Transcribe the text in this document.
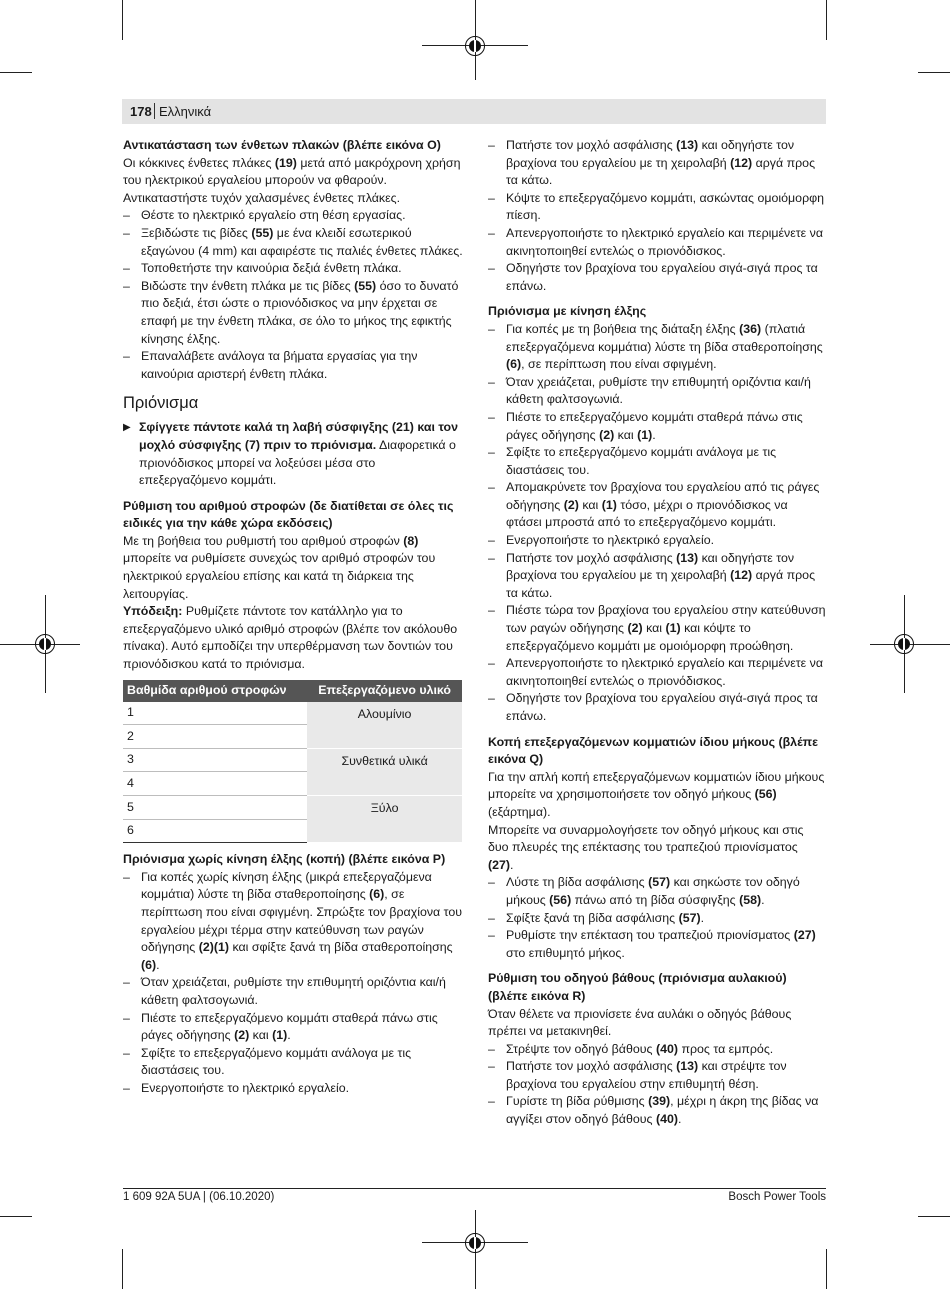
178 Ελληνικά

Αντικατάσταση των ένθετων πλακών (βλέπε εικόνα O)

Οι κόκκινες ένθετες πλάκες (19) μετά από μακρόχρονη χρήση του ηλεκτρικού εργαλείου μπορούν να φθαρούν.

Αντικαταστήστε τυχόν χαλασμένες ένθετες πλάκες.

– Θέστε το ηλεκτρικό εργαλείο στη θέση εργασίας.

– Ξεβιδώστε τις βίδες (55) με ένα κλειδί εσωτερικού εξαγώνου (4 mm) και αφαιρέστε τις παλιές ένθετες πλάκες.

– Τοποθετήστε την καινούρια δεξιά ένθετη πλάκα.

– Βιδώστε την ένθετη πλάκα με τις βίδες (55) όσο το δυνατό πιο δεξιά, έτσι ώστε ο πριονόδισκος να μην έρχεται σε επαφή με την ένθετη πλάκα, σε όλο το μήκος της εφικτής κίνησης έλξης.

– Επαναλάβετε ανάλογα τα βήματα εργασίας για την καινούρια αριστερή ένθετη πλάκα.

Πριόνισμα

▶ Σφίγγετε πάντοτε καλά τη λαβή σύσφιγξης (21) και τον μοχλό σύσφιγξης (7) πριν το πριόνισμα. Διαφορετικά ο πριονόδισκος μπορεί να λοξεύσει μέσα στο επεξεργαζόμενο κομμάτι.

Ρύθμιση του αριθμού στροφών (δε διατίθεται σε όλες τις ειδικές για την κάθε χώρα εκδόσεις)

Με τη βοήθεια του ρυθμιστή του αριθμού στροφών (8) μπορείτε να ρυθμίσετε συνεχώς τον αριθμό στροφών του ηλεκτρικού εργαλείου επίσης και κατά τη διάρκεια της λειτουργίας.

Υπόδειξη: Ρυθμίζετε πάντοτε τον κατάλληλο για το επεξεργαζόμενο υλικό αριθμό στροφών (βλέπε τον ακόλουθο πίνακα). Αυτό εμποδίζει την υπερθέρμανση των δοντιών του πριονόδισκου κατά το πριόνισμα.

Βαθμίδα αριθμού στροφών	Επεξεργαζόμενο υλικό
1	Αλουμίνιο
2	
3	Συνθετικά υλικά
4	
5	Ξύλο
6	

Πριόνισμα χωρίς κίνηση έλξης (κοπή) (βλέπε εικόνα P)

– Για κοπές χωρίς κίνηση έλξης (μικρά επεξεργαζόμενα κομμάτια) λύστε τη βίδα σταθεροποίησης (6), σε περίπτωση που είναι σφιγμένη. Σπρώξτε τον βραχίονα του εργαλείου μέχρι τέρμα στην κατεύθυνση των ραγών οδήγησης (2)(1) και σφίξτε ξανά τη βίδα σταθεροποίησης (6).

– Όταν χρειάζεται, ρυθμίστε την επιθυμητή οριζόντια και/ή κάθετη φαλτσογωνιά.

– Πιέστε το επεξεργαζόμενο κομμάτι σταθερά πάνω στις ράγες οδήγησης (2) και (1).

– Σφίξτε το επεξεργαζόμενο κομμάτι ανάλογα με τις διαστάσεις του.

– Ενεργοποιήστε το ηλεκτρικό εργαλείο.

– Πατήστε τον μοχλό ασφάλισης (13) και οδηγήστε τον βραχίονα του εργαλείου με τη χειρολαβή (12) αργά προς τα κάτω.

– Κόψτε το επεξεργαζόμενο κομμάτι, ασκώντας ομοιόμορφη πίεση.

– Απενεργοποιήστε το ηλεκτρικό εργαλείο και περιμένετε να ακινητοποιηθεί εντελώς ο πριονόδισκος.

– Οδηγήστε τον βραχίονα του εργαλείου σιγά-σιγά προς τα επάνω.

Πριόνισμα με κίνηση έλξης

– Για κοπές με τη βοήθεια της διάταξη έλξης (36) (πλατιά επεξεργαζόμενα κομμάτια) λύστε τη βίδα σταθεροποίησης (6), σε περίπτωση που είναι σφιγμένη.

– Όταν χρειάζεται, ρυθμίστε την επιθυμητή οριζόντια και/ή κάθετη φαλτσογωνιά.

– Πιέστε το επεξεργαζόμενο κομμάτι σταθερά πάνω στις ράγες οδήγησης (2) και (1).

– Σφίξτε το επεξεργαζόμενο κομμάτι ανάλογα με τις διαστάσεις του.

– Απομακρύνετε τον βραχίονα του εργαλείου από τις ράγες οδήγησης (2) και (1) τόσο, μέχρι ο πριονόδισκος να φτάσει μπροστά από το επεξεργαζόμενο κομμάτι.

– Ενεργοποιήστε το ηλεκτρικό εργαλείο.

– Πατήστε τον μοχλό ασφάλισης (13) και οδηγήστε τον βραχίονα του εργαλείου με τη χειρολαβή (12) αργά προς τα κάτω.

– Πιέστε τώρα τον βραχίονα του εργαλείου στην κατεύθυνση των ραγών οδήγησης (2) και (1) και κόψτε το επεξεργαζόμενο κομμάτι με ομοιόμορφη προώθηση.

– Απενεργοποιήστε το ηλεκτρικό εργαλείο και περιμένετε να ακινητοποιηθεί εντελώς ο πριονόδισκος.

– Οδηγήστε τον βραχίονα του εργαλείου σιγά-σιγά προς τα επάνω.

Κοπή επεξεργαζόμενων κομματιών ίδιου μήκους (βλέπε εικόνα Q)

Για την απλή κοπή επεξεργαζόμενων κομματιών ίδιου μήκους μπορείτε να χρησιμοποιήσετε τον οδηγό μήκους (56) (εξάρτημα).

Μπορείτε να συναρμολογήσετε τον οδηγό μήκους και στις δυο πλευρές της επέκτασης του τραπεζιού πριονίσματος (27).

– Λύστε τη βίδα ασφάλισης (57) και σηκώστε τον οδηγό μήκους (56) πάνω από τη βίδα σύσφιγξης (58).

– Σφίξτε ξανά τη βίδα ασφάλισης (57).

– Ρυθμίστε την επέκταση του τραπεζιού πριονίσματος (27) στο επιθυμητό μήκος.

Ρύθμιση του οδηγού βάθους (πριόνισμα αυλακιού) (βλέπε εικόνα R)

Όταν θέλετε να πριονίσετε ένα αυλάκι ο οδηγός βάθους πρέπει να μετακινηθεί.

– Στρέψτε τον οδηγό βάθους (40) προς τα εμπρός.

– Πατήστε τον μοχλό ασφάλισης (13) και στρέψτε τον βραχίονα του εργαλείου στην επιθυμητή θέση.

– Γυρίστε τη βίδα ρύθμισης (39), μέχρι η άκρη της βίδας να αγγίξει στον οδηγό βάθους (40).

1 609 92A 5UA | (06.10.2020)	Bosch Power Tools
